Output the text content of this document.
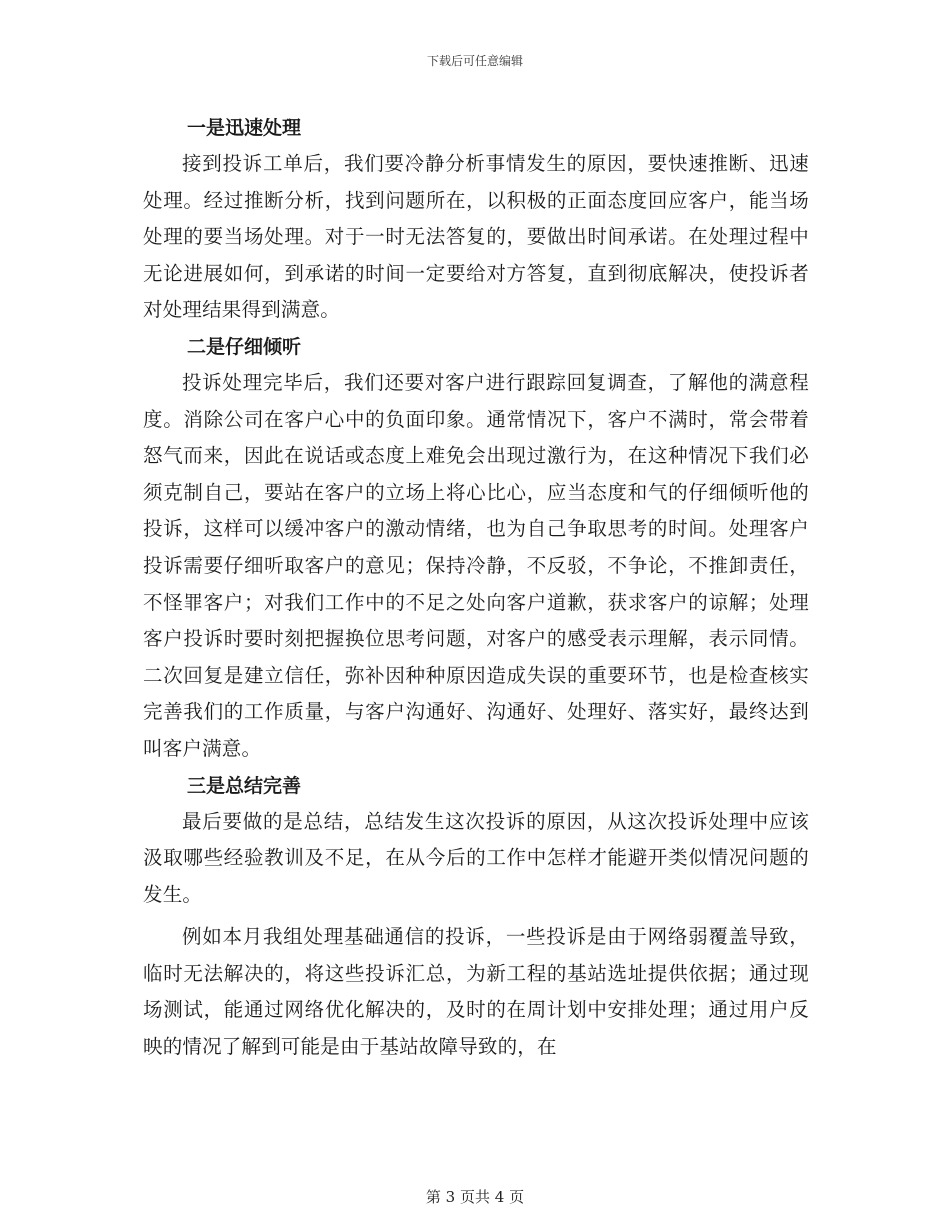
下载后可任意编辑
一是迅速处理

接到投诉工单后，我们要冷静分析事情发生的原因，要快速推断、迅速处理。经过推断分析，找到问题所在，以积极的正面态度回应客户，能当场处理的要当场处理。对于一时无法答复的，要做出时间承诺。在处理过程中无论进展如何，到承诺的时间一定要给对方答复，直到彻底解决，使投诉者对处理结果得到满意。

二是仔细倾听

投诉处理完毕后，我们还要对客户进行跟踪回复调查，了解他的满意程度。消除公司在客户心中的负面印象。通常情况下，客户不满时，常会带着怒气而来，因此在说话或态度上难免会出现过激行为，在这种情况下我们必须克制自己，要站在客户的立场上将心比心，应当态度和气的仔细倾听他的投诉，这样可以缓冲客户的激动情绪，也为自己争取思考的时间。处理客户投诉需要仔细听取客户的意见；保持冷静，不反驳，不争论，不推卸责任，不怪罪客户；对我们工作中的不足之处向客户道歉，获求客户的谅解；处理客户投诉时要时刻把握换位思考问题，对客户的感受表示理解，表示同情。二次回复是建立信任，弥补因种种原因造成失误的重要环节，也是检查核实完善我们的工作质量，与客户沟通好、沟通好、处理好、落实好，最终达到叫客户满意。

三是总结完善

最后要做的是总结，总结发生这次投诉的原因，从这次投诉处理中应该汲取哪些经验教训及不足，在从今后的工作中怎样才能避开类似情况问题的发生。

例如本月我组处理基础通信的投诉，一些投诉是由于网络弱覆盖导致，临时无法解决的，将这些投诉汇总，为新工程的基站选址提供依据；通过现场测试，能通过网络优化解决的，及时的在周计划中安排处理；通过用户反映的情况了解到可能是由于基站故障导致的，在

第 3 页共 4 页
